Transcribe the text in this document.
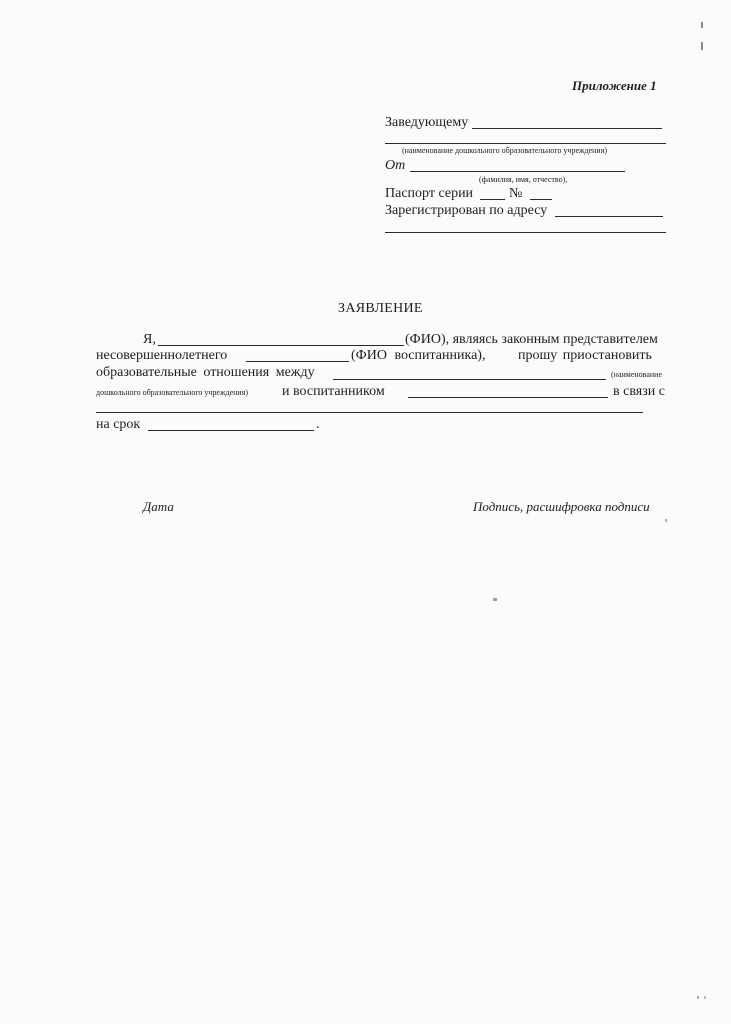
Приложение 1
Заведующему
(наименование дошкольного образовательного учреждения)
От
(фамилия, имя, отчество),
Паспорт серии	№
Зарегистрирован по адресу
ЗАЯВЛЕНИЕ
Я,	(ФИО), являясь законным представителем
несовершеннолетнего	(ФИО воспитанника), прошу приостановить
образовательные отношения между	(наименование
дошкольного образовательного учреждения) и воспитанником	в связи с
на срок	.
Дата	Подпись, расшифровка подписи
